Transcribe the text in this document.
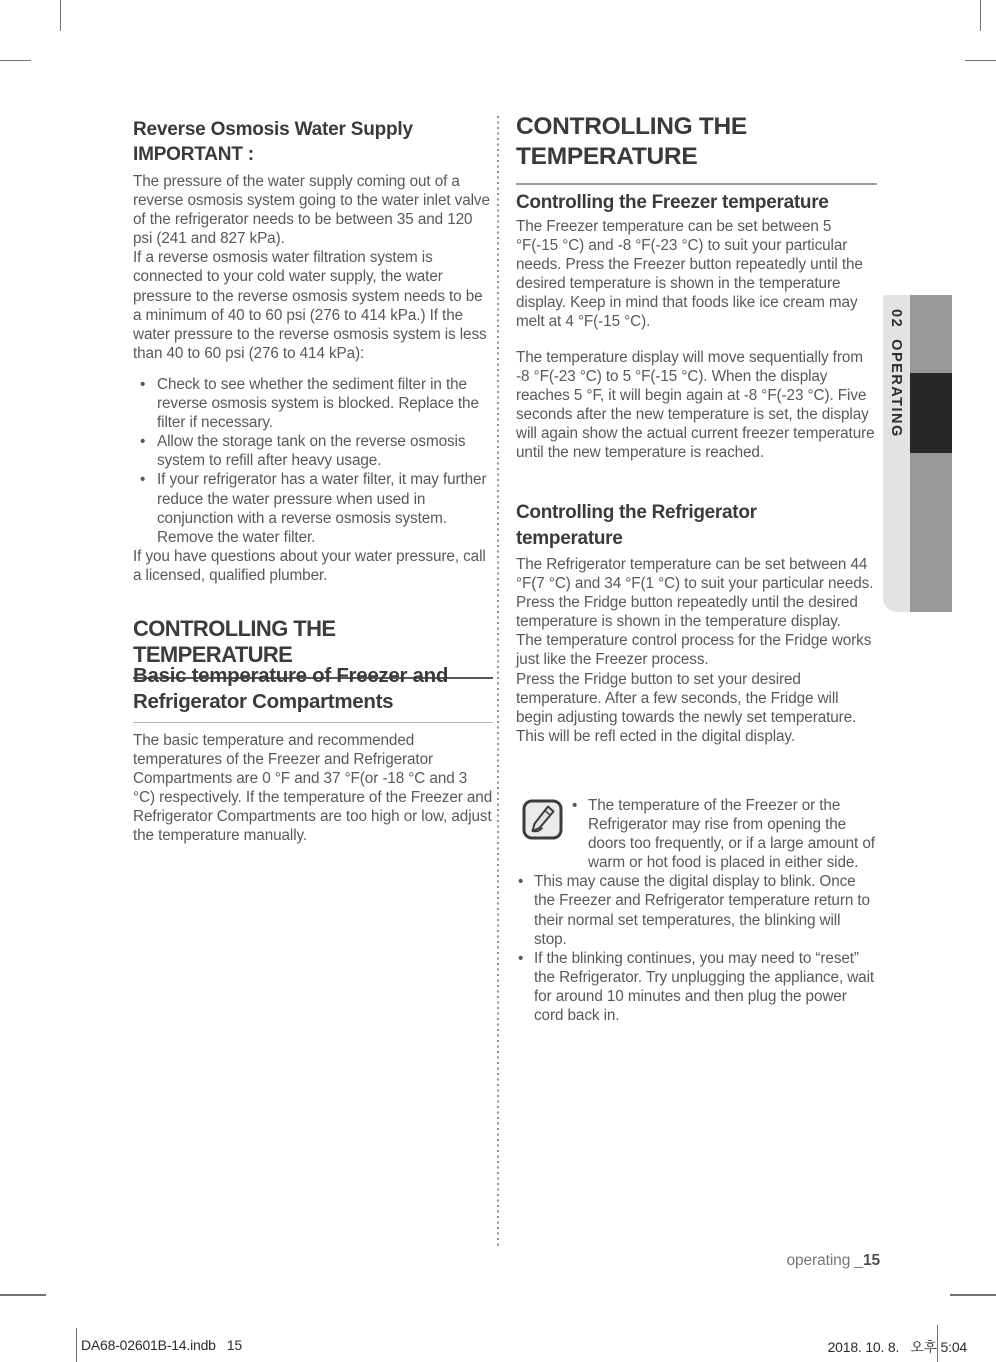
02  OPERATING
Reverse Osmosis Water Supply
IMPORTANT :
The pressure of the water supply coming out of a reverse osmosis system going to the water inlet valve of the refrigerator needs to be between 35 and 120 psi (241 and 827 kPa).
If a reverse osmosis water filtration system is connected to your cold water supply, the water pressure to the reverse osmosis system needs to be a minimum of 40 to 60 psi (276 to 414 kPa.) If the water pressure to the reverse osmosis system is less than 40 to 60 psi (276 to 414 kPa):
• Check to see whether the sediment filter in the reverse osmosis system is blocked. Replace the filter if necessary.
• Allow the storage tank on the reverse osmosis system to refill after heavy usage.
• If your refrigerator has a water filter, it may further reduce the water pressure when used in conjunction with a reverse osmosis system. Remove the water filter.
If you have questions about your water pressure, call a licensed, qualified plumber.
CONTROLLING THE TEMPERATURE
Basic temperature of Freezer and Refrigerator Compartments
The basic temperature and recommended temperatures of the Freezer and Refrigerator Compartments are 0 °F and 37 °F(or -18 °C and 3 °C) respectively. If the temperature of the Freezer and Refrigerator Compartments are too high or low, adjust the temperature manually.
CONTROLLING THE
TEMPERATURE
Controlling the Freezer temperature
The Freezer temperature can be set between 5 °F(-15 °C) and -8 °F(-23 °C) to suit your particular needs. Press the Freezer button repeatedly until the desired temperature is shown in the temperature display. Keep in mind that foods like ice cream may melt at 4 °F(-15 °C).
The temperature display will move sequentially from -8 °F(-23 °C) to 5 °F(-15 °C). When the display reaches 5 °F, it will begin again at -8 °F(-23 °C). Five seconds after the new temperature is set, the display will again show the actual current freezer temperature until the new temperature is reached.
Controlling the Refrigerator temperature
The Refrigerator temperature can be set between 44 °F(7 °C) and 34 °F(1 °C) to suit your particular needs. Press the Fridge button repeatedly until the desired temperature is shown in the temperature display.
The temperature control process for the Fridge works just like the Freezer process.
Press the Fridge button to set your desired temperature. After a few seconds, the Fridge will begin adjusting towards the newly set temperature. This will be refl ected in the digital display.
• The temperature of the Freezer or the Refrigerator may rise from opening the doors too frequently, or if a large amount of warm or hot food is placed in either side.
• This may cause the digital display to blink. Once the Freezer and Refrigerator temperature return to their normal set temperatures, the blinking will stop.
• If the blinking continues, you may need to “reset” the Refrigerator. Try unplugging the appliance, wait for around 10 minutes and then plug the power cord back in.
operating _15
DA68-02601B-14.indb   15	2018. 10. 8.   오후 5:04
